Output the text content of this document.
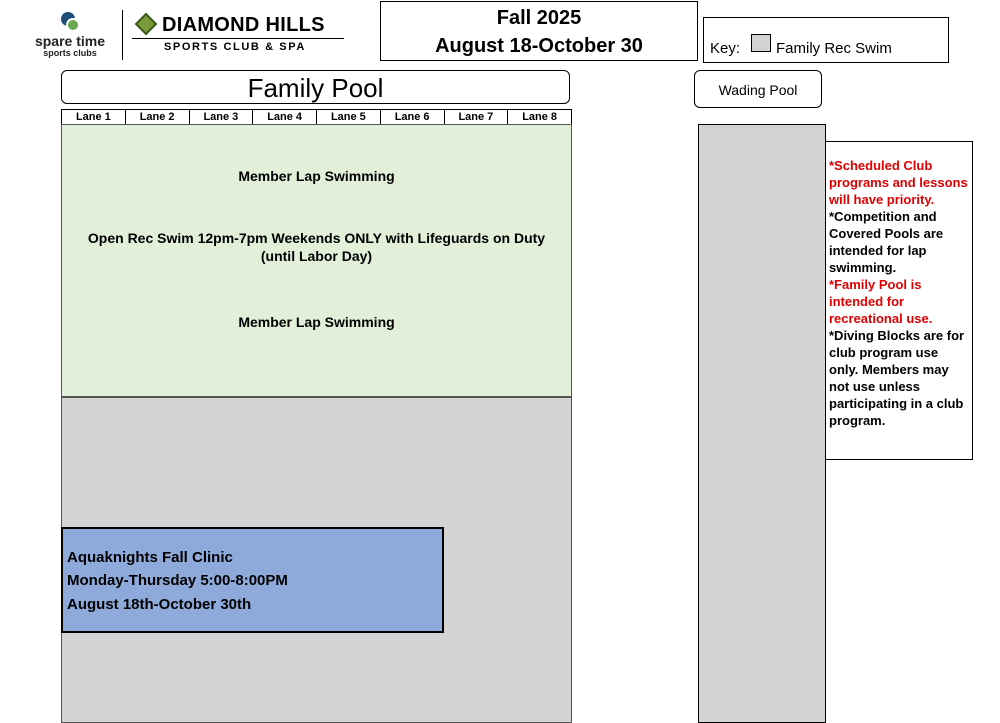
spare time
sports clubs
DIAMOND HILLS
SPORTS CLUB & SPA
Fall 2025
August 18-October 30	Key: Family Rec Swim
Family Pool	Wading Pool
Lane 1	Lane 2	Lane 3	Lane 4	Lane 5	Lane 6	Lane 7	Lane 8
Member Lap Swimming
Open Rec Swim 12pm-7pm Weekends ONLY with Lifeguards on Duty (until Labor Day)
Member Lap Swimming
Aquaknights Fall Clinic
Monday-Thursday 5:00-8:00PM
August 18th-October 30th
*Scheduled Club programs and lessons will have priority.
*Competition and Covered Pools are intended for lap swimming.
*Family Pool is intended for recreational use.
*Diving Blocks are for club program use only. Members may not use unless participating in a club program.
